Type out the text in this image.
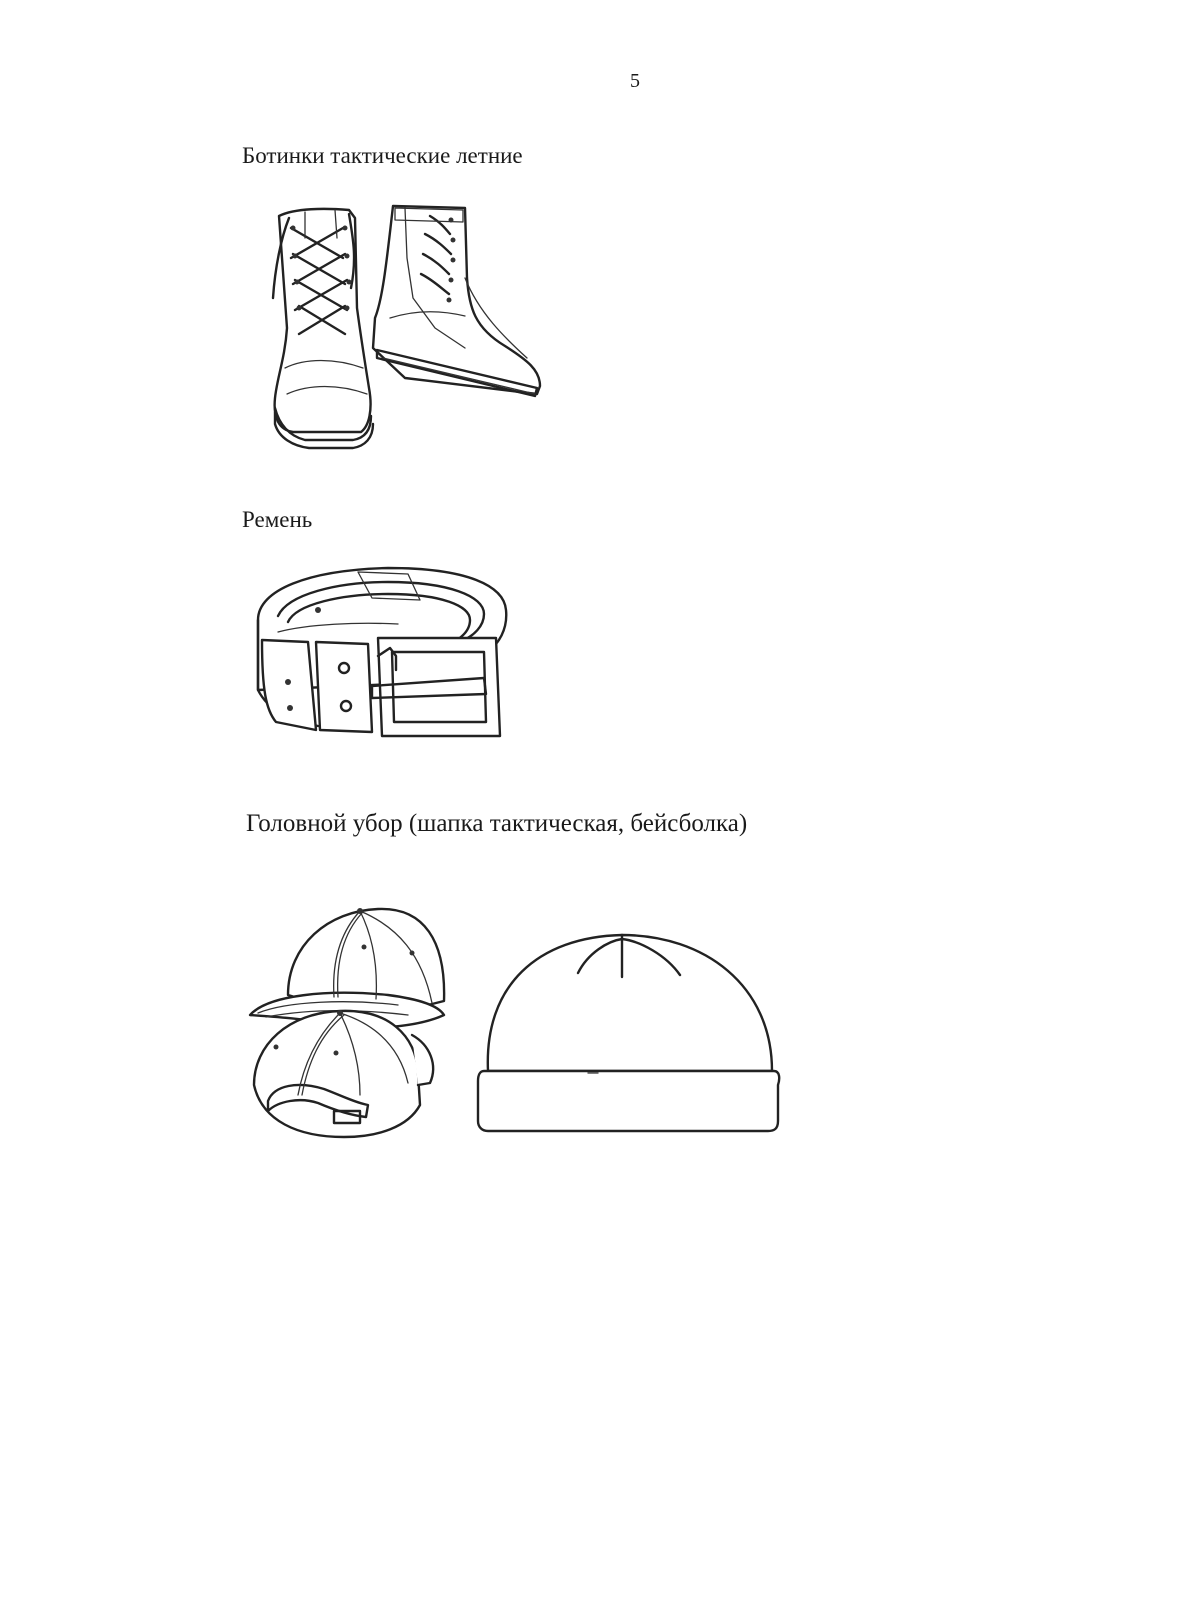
5
Ботинки тактические летние
Ремень
Головной убор (шапка тактическая, бейсболка)
